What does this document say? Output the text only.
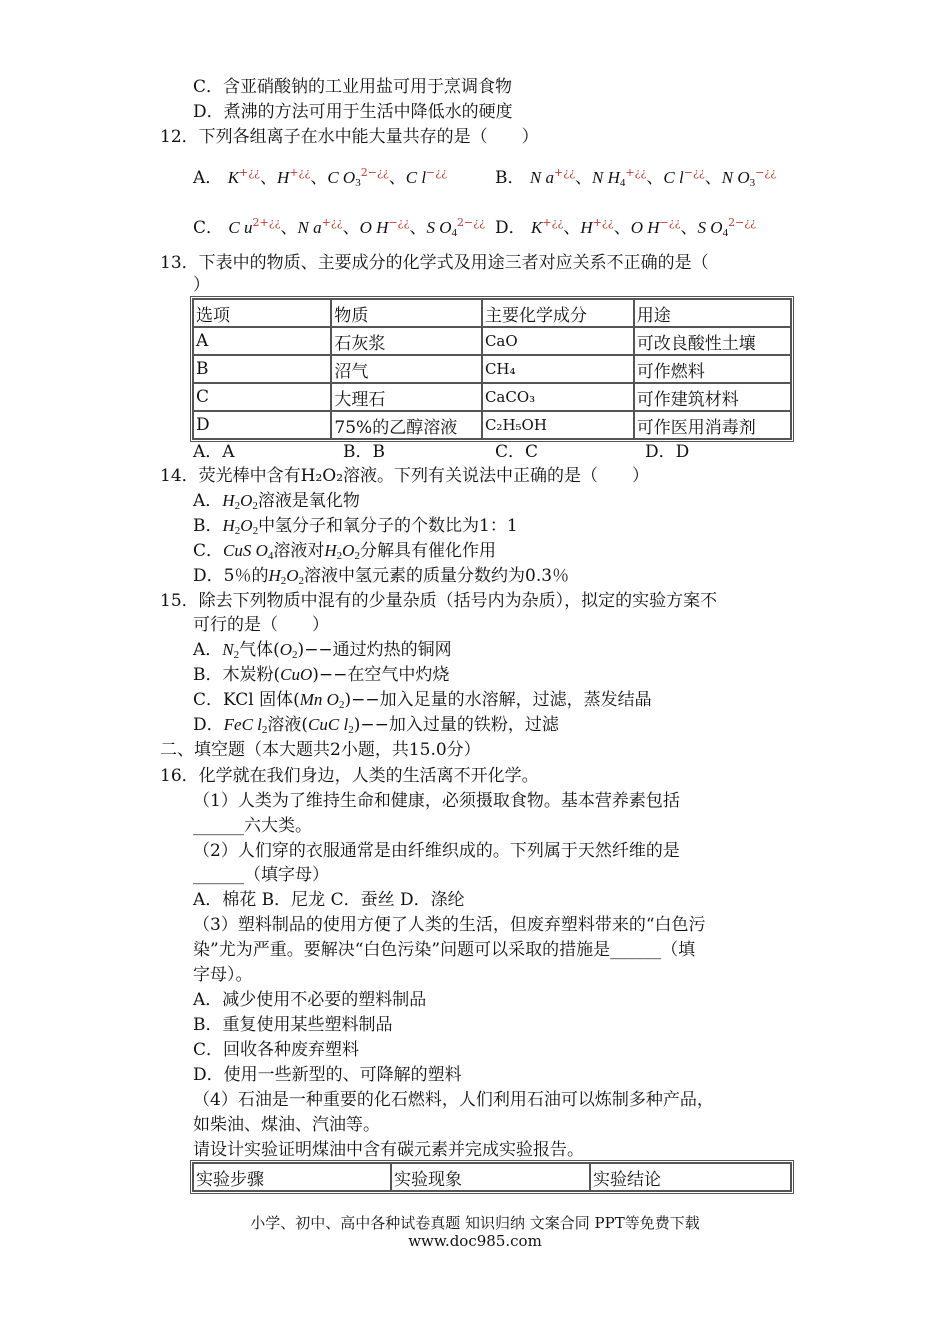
C．含亚硝酸钠的工业用盐可用于烹调食物
D．煮沸的方法可用于生活中降低水的硬度
12．下列各组离子在水中能大量共存的是（　　）
A． K+¿¿、H+¿¿、C $O_3^{2-¿¿}$、C l−¿¿	B． N a+¿¿、N $H_4^{+¿¿}$、C l−¿¿、N $O_3^{-¿¿}$
C． C $u^{2+¿¿}$、N a+¿¿、O H−¿¿、S $O_4^{2-¿¿}$ D． K+¿¿、H+¿¿、O H−¿¿、S $O_4^{2-¿¿}$
13．下表中的物质、主要成分的化学式及用途三者对应关系不正确的是（
）
选项	物质	主要化学成分	用途
A	石灰浆	CaO	可改良酸性土壤
B	沼气	CH₄	可作燃料
C	大理石	CaCO₃	可作建筑材料
D	75%的乙醇溶液	C₂H₅OH	可作医用消毒剂
A．A	B．B	C．C	D．D
14．荧光棒中含有H₂O₂溶液。下列有关说法中正确的是（　　）
A．$H_2O_2$溶液是氧化物
B．$H_2O_2$中氢分子和氧分子的个数比为1：1
C．CuS $O_4$溶液对$H_2O_2$分解具有催化作用
D．5％的$H_2O_2$溶液中氢元素的质量分数约为0.3％
15．除去下列物质中混有的少量杂质（括号内为杂质），拟定的实验方案不
可行的是（　　）
A．$N_2$气体$(O_2)--$通过灼热的铜网
B．木炭粉(CuO)−−在空气中灼烧
C．KCl 固体(Mn $O_2)--$加入足量的水溶解，过滤，蒸发结晶
D．FeC $l_2$溶液(CuC $l_2)--$加入过量的铁粉，过滤
二、填空题（本大题共2小题，共15.0分）
16．化学就在我们身边，人类的生活离不开化学。
（1）人类为了维持生命和健康，必须摄取食物。基本营养素包括
______六大类。
（2）人们穿的衣服通常是由纤维织成的。下列属于天然纤维的是
______（填字母）
A．棉花 B．尼龙 C．蚕丝 D．涤纶
（3）塑料制品的使用方便了人类的生活，但废弃塑料带来的“白色污
染”尤为严重。要解决“白色污染”问题可以采取的措施是______（填
字母）。
A．减少使用不必要的塑料制品
B．重复使用某些塑料制品
C．回收各种废弃塑料
D．使用一些新型的、可降解的塑料
（4）石油是一种重要的化石燃料，人们利用石油可以炼制多种产品，
如柴油、煤油、汽油等。
请设计实验证明煤油中含有碳元素并完成实验报告。
实验步骤	实验现象	实验结论
小学、初中、高中各种试卷真题 知识归纳 文案合同 PPT等免费下载
www.doc985.com
